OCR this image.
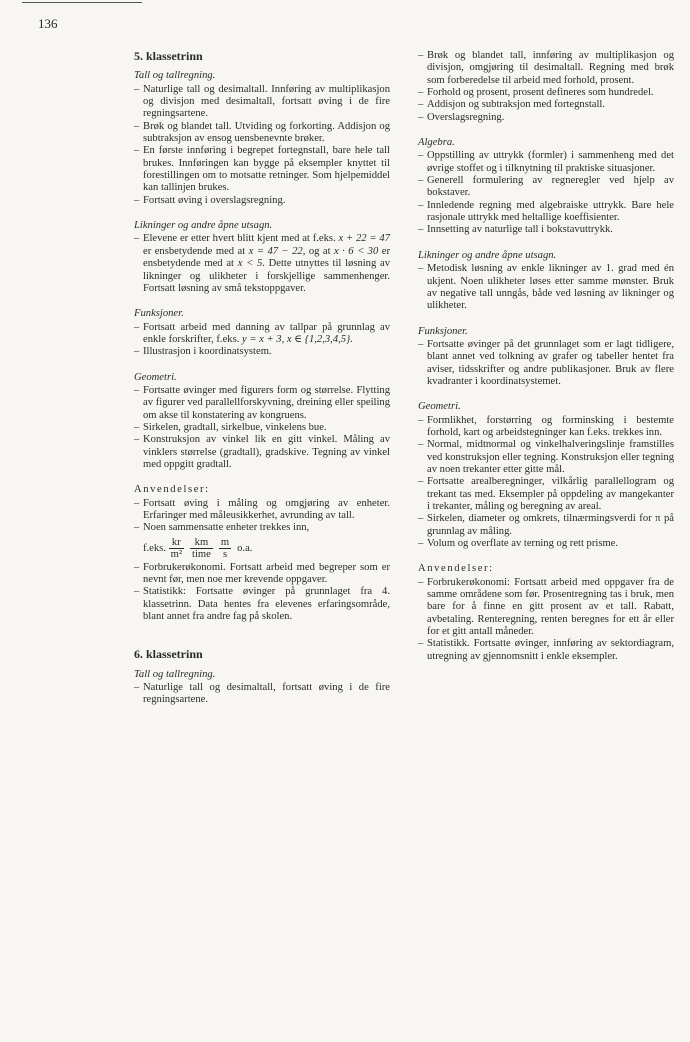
136
5. klassetrinn
Tall og tallregning.
– Naturlige tall og desimaltall. Innføring av multiplikasjon og divisjon med desimaltall, fortsatt øving i de fire regningsartene.
– Brøk og blandet tall. Utviding og forkorting. Addisjon og subtraksjon av ensog uensbenevnte brøker.
– En første innføring i begrepet fortegnstall, bare hele tall brukes. Innføringen kan bygge på eksempler knyttet til forestillingen om to motsatte retninger. Som hjelpemiddel kan tallinjen brukes.
– Fortsatt øving i overslagsregning.
Likninger og andre åpne utsagn.
– Elevene er etter hvert blitt kjent med at f.eks. x + 22 = 47 er ensbetydende med at x = 47 − 22, og at x · 6 < 30 er ensbetydende med at x < 5. Dette utnyttes til løsning av likninger og ulikheter i forskjellige sammenhenger. Fortsatt løsning av små tekstoppgaver.
Funksjoner.
– Fortsatt arbeid med danning av tallpar på grunnlag av enkle forskrifter, f.eks. y = x + 3, x ∈ {1,2,3,4,5}.
– Illustrasjon i koordinatsystem.
Geometri.
– Fortsatte øvinger med figurers form og størrelse. Flytting av figurer ved parallellforskyvning, dreining eller speiling om akse til konstatering av kongruens.
– Sirkelen, gradtall, sirkelbue, vinkelens bue.
– Konstruksjon av vinkel lik en gitt vinkel. Måling av vinklers størrelse (gradtall), gradskive. Tegning av vinkel med oppgitt gradtall.
Anvendelser:
– Fortsatt øving i måling og omgjøring av enheter. Erfaringer med måleusikkerhet, avrunding av tall.
– Noen sammensatte enheter trekkes inn,
f.eks. $\frac{kr}{\text{m²}} \frac{km}{\text{time}} \frac{m}{s} o.a$.
– Forbrukerøkonomi. Fortsatt arbeid med begreper som er nevnt før, men noe mer krevende oppgaver.
– Statistikk: Fortsatte øvinger på grunnlaget fra 4. klassetrinn. Data hentes fra elevenes erfaringsområde, blant annet fra andre fag på skolen.
6. klassetrinn
Tall og tallregning.
– Naturlige tall og desimaltall, fortsatt øving i de fire regningsartene.
– Brøk og blandet tall, innføring av multiplikasjon og divisjon, omgjøring til desimaltall. Regning med brøk som forberedelse til arbeid med forhold, prosent.
– Forhold og prosent, prosent defineres som hundredel.
– Addisjon og subtraksjon med fortegnstall.
– Overslagsregning.
Algebra.
– Oppstilling av uttrykk (formler) i sammenheng med det øvrige stoffet og i tilknytning til praktiske situasjoner.
– Generell formulering av regneregler ved hjelp av bokstaver.
– Innledende regning med algebraiske uttrykk. Bare hele rasjonale uttrykk med heltallige koeffisienter.
– Innsetting av naturlige tall i bokstavuttrykk.
Likninger og andre åpne utsagn.
– Metodisk løsning av enkle likninger av 1. grad med én ukjent. Noen ulikheter løses etter samme mønster. Bruk av negative tall unngås, både ved løsning av likninger og ulikheter.
Funksjoner.
– Fortsatte øvinger på det grunnlaget som er lagt tidligere, blant annet ved tolkning av grafer og tabeller hentet fra aviser, tidsskrifter og andre publikasjoner. Bruk av flere kvadranter i koordinatsystemet.
Geometri.
– Formlikhet, forstørring og forminsking i bestemte forhold, kart og arbeidstegninger kan f.eks. trekkes inn.
– Normal, midtnormal og vinkelhalveringslinje framstilles ved konstruksjon eller tegning. Konstruksjon eller tegning av noen trekanter etter gitte mål.
– Fortsatte arealberegninger, vilkårlig parallellogram og trekant tas med. Eksempler på oppdeling av mangekanter i trekanter, måling og beregning av areal.
– Sirkelen, diameter og omkrets, tilnærmingsverdi for π på grunnlag av måling.
– Volum og overflate av terning og rett prisme.
Anvendelser:
– Forbrukerøkonomi: Fortsatt arbeid med oppgaver fra de samme områdene som før. Prosentregning tas i bruk, men bare for å finne en gitt prosent av et tall. Rabatt, avbetaling. Renteregning, renten beregnes for ett år eller for et gitt antall måneder.
– Statistikk. Fortsatte øvinger, innføring av sektordiagram, utregning av gjennomsnitt i enkle eksempler.
